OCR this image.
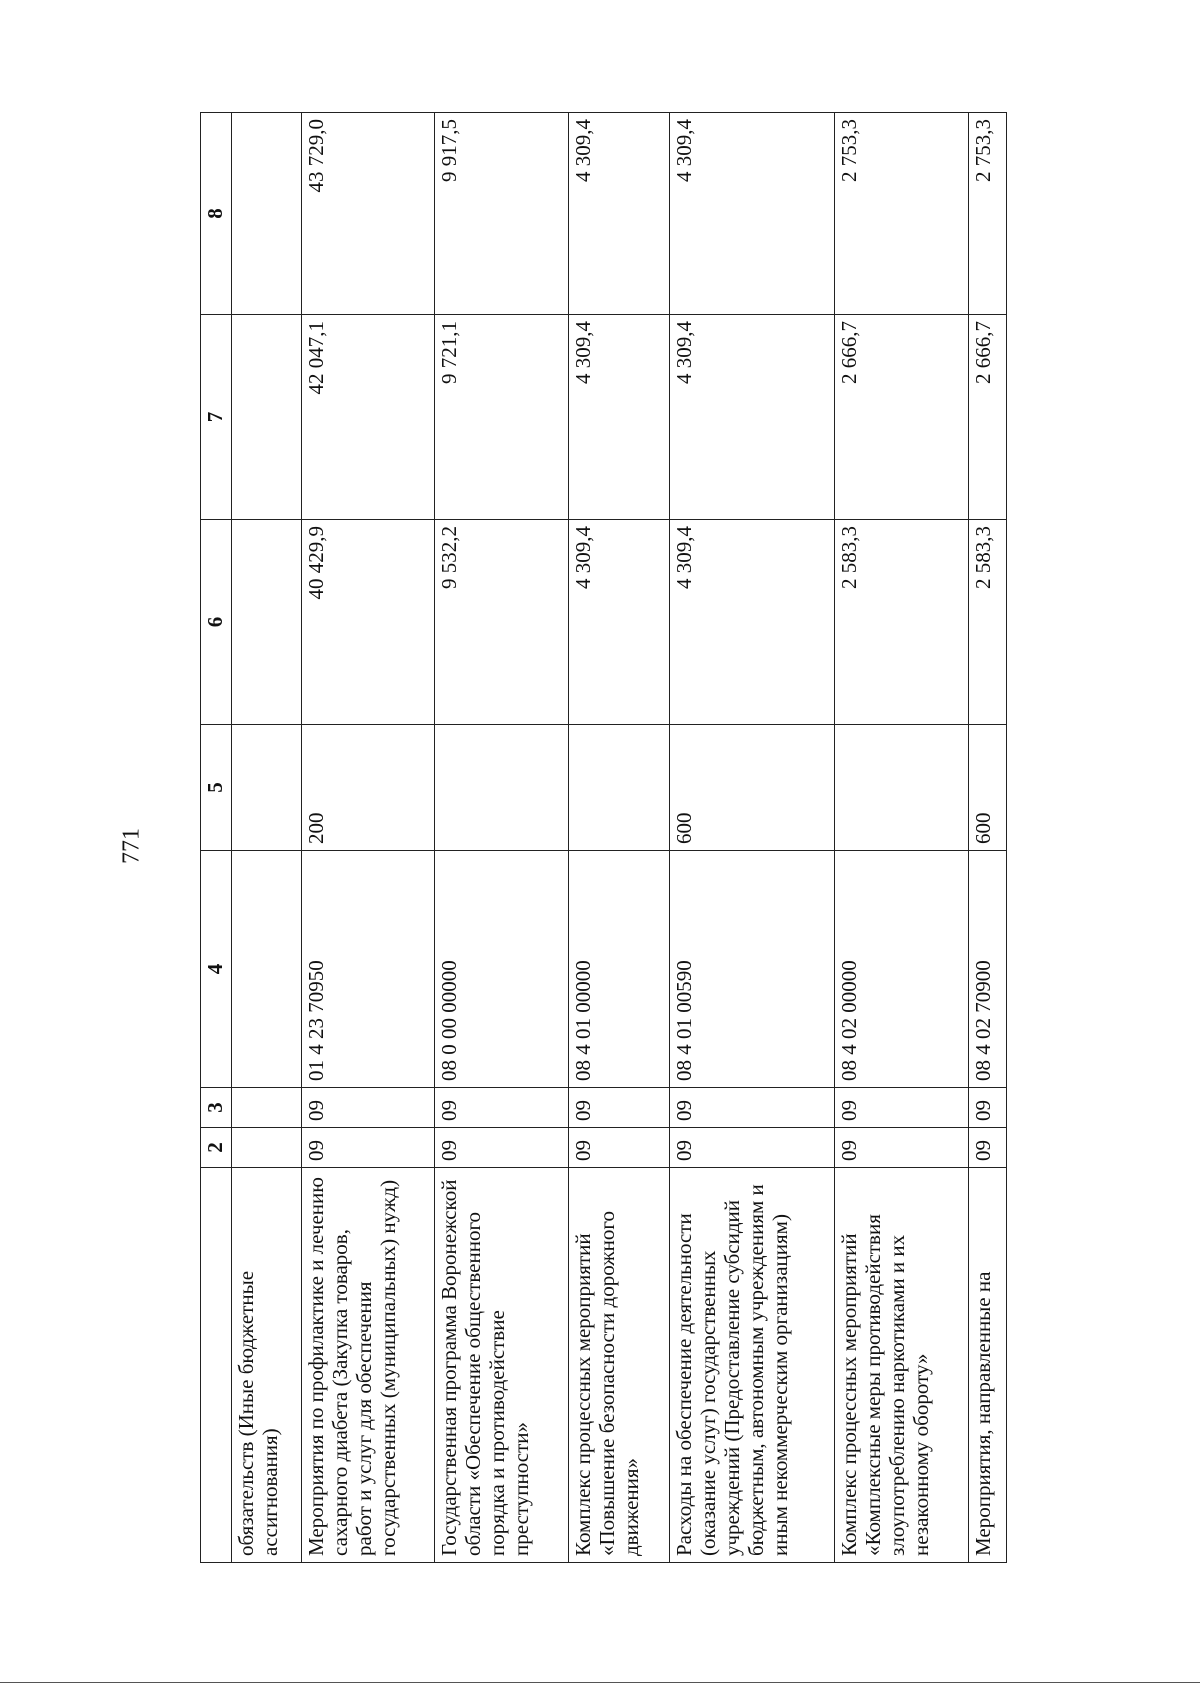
771
	2	3	4	5	6	7	8
обязательств (Иные бюджетные ассигнования)							
Мероприятия по профилактике и лечению сахарного диабета (Закупка товаров, работ и услуг для обеспечения государственных (муниципальных) нужд)	09	09	01 4 23 70950	200	40 429,9	42 047,1	43 729,0
Государственная программа Воронежской области «Обеспечение общественного порядка и противодействие преступности»	09	09	08 0 00 00000		9 532,2	9 721,1	9 917,5
Комплекс процессных мероприятий «Повышение безопасности дорожного движения»	09	09	08 4 01 00000		4 309,4	4 309,4	4 309,4
Расходы на обеспечение деятельности (оказание услуг) государственных учреждений (Предоставление субсидий бюджетным, автономным учреждениям и иным некоммерческим организациям)	09	09	08 4 01 00590	600	4 309,4	4 309,4	4 309,4
Комплекс процессных мероприятий «Комплексные меры противодействия злоупотреблению наркотиками и их незаконному обороту»	09	09	08 4 02 00000		2 583,3	2 666,7	2 753,3
Мероприятия, направленные на	09	09	08 4 02 70900	600	2 583,3	2 666,7	2 753,3
